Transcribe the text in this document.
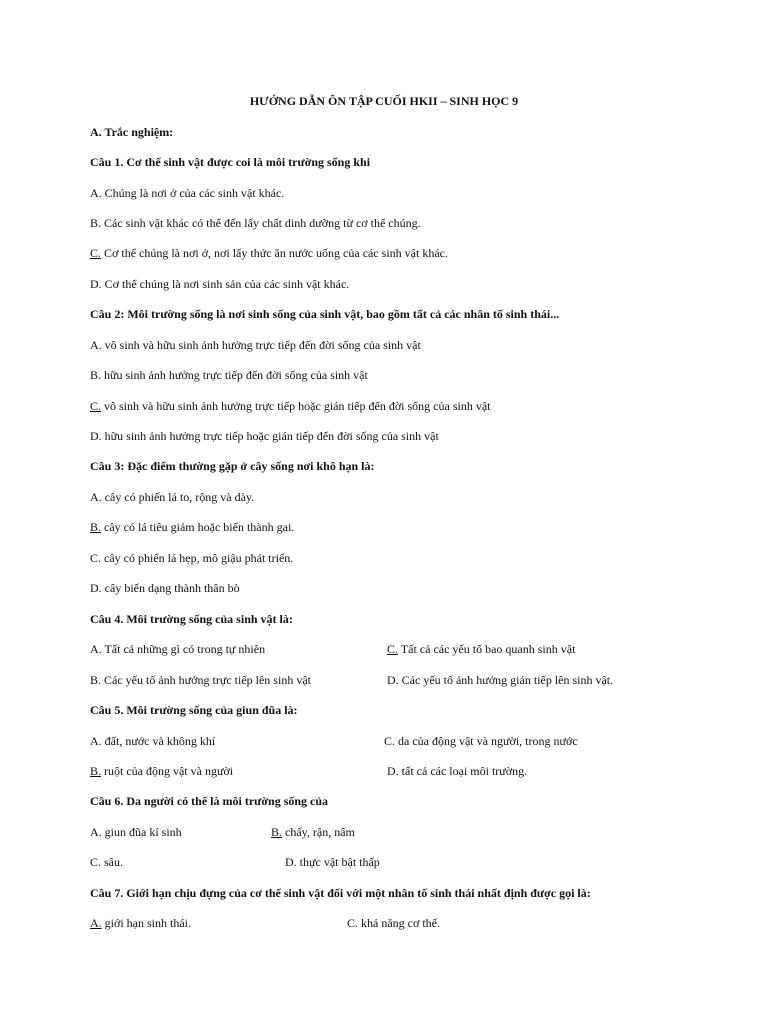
HƯỚNG DẪN ÔN TẬP CUỐI HKII – SINH HỌC 9
A. Trắc nghiệm:
Câu 1. Cơ thể sinh vật được coi là môi trường sống khi
A. Chúng là nơi ở của các sinh vật khác.
B. Các sinh vật khác có thể đến lấy chất dinh dưỡng từ cơ thể chúng.
C. Cơ thể chúng là nơi ở, nơi lấy thức ăn nước uống của các sinh vật khác.
D. Cơ thể chúng là nơi sinh sản của các sinh vật khác.
Câu 2: Môi trường sống là nơi sinh sống của sinh vật, bao gồm tất cả các nhân tố sinh thái...
A. vô sinh và hữu sinh ảnh hưởng trực tiếp đến đời sống của sinh vật
B. hữu sinh ảnh hưởng trực tiếp đến đời sống của sinh vật
C. vô sinh và hữu sinh ảnh hưởng trực tiếp hoặc gián tiếp đến đời sống của sinh vật
D. hữu sinh ảnh hưởng trực tiếp hoặc gián tiếp đến đời sống của sinh vật
Câu 3: Đặc điểm thường gặp ở cây sống nơi khô hạn là:
A. cây có phiến lá to, rộng và dày.
B. cây có lá tiêu giảm hoặc biến thành gai.
C. cây có phiến lá hẹp, mô giậu phát triển.
D. cây biến dạng thành thân bò
Câu 4. Môi trường sống của sinh vật là:
A. Tất cả những gì có trong tự nhiên	C. Tất cả các yếu tố bao quanh sinh vật
B. Các yếu tố ảnh hưởng trực tiếp lên sinh vật	D. Các yếu tố ảnh hưởng gián tiếp lên sinh vật.
Câu 5. Môi trường sống của giun đũa là:
A. đất, nước và không khí	C. da của động vật và người, trong nước
B. ruột của động vật và người	D. tất cả các loại môi trường.
Câu 6. Da người có thể là môi trường sống của
A. giun đũa kí sinh	B. chấy, rận, nấm
C. sâu.	D. thực vật bật thấp
Câu 7. Giới hạn chịu đựng của cơ thể sinh vật đối với một nhân tố sinh thái nhất định được gọi là:
A. giới hạn sinh thái.	C. khả năng cơ thể.
